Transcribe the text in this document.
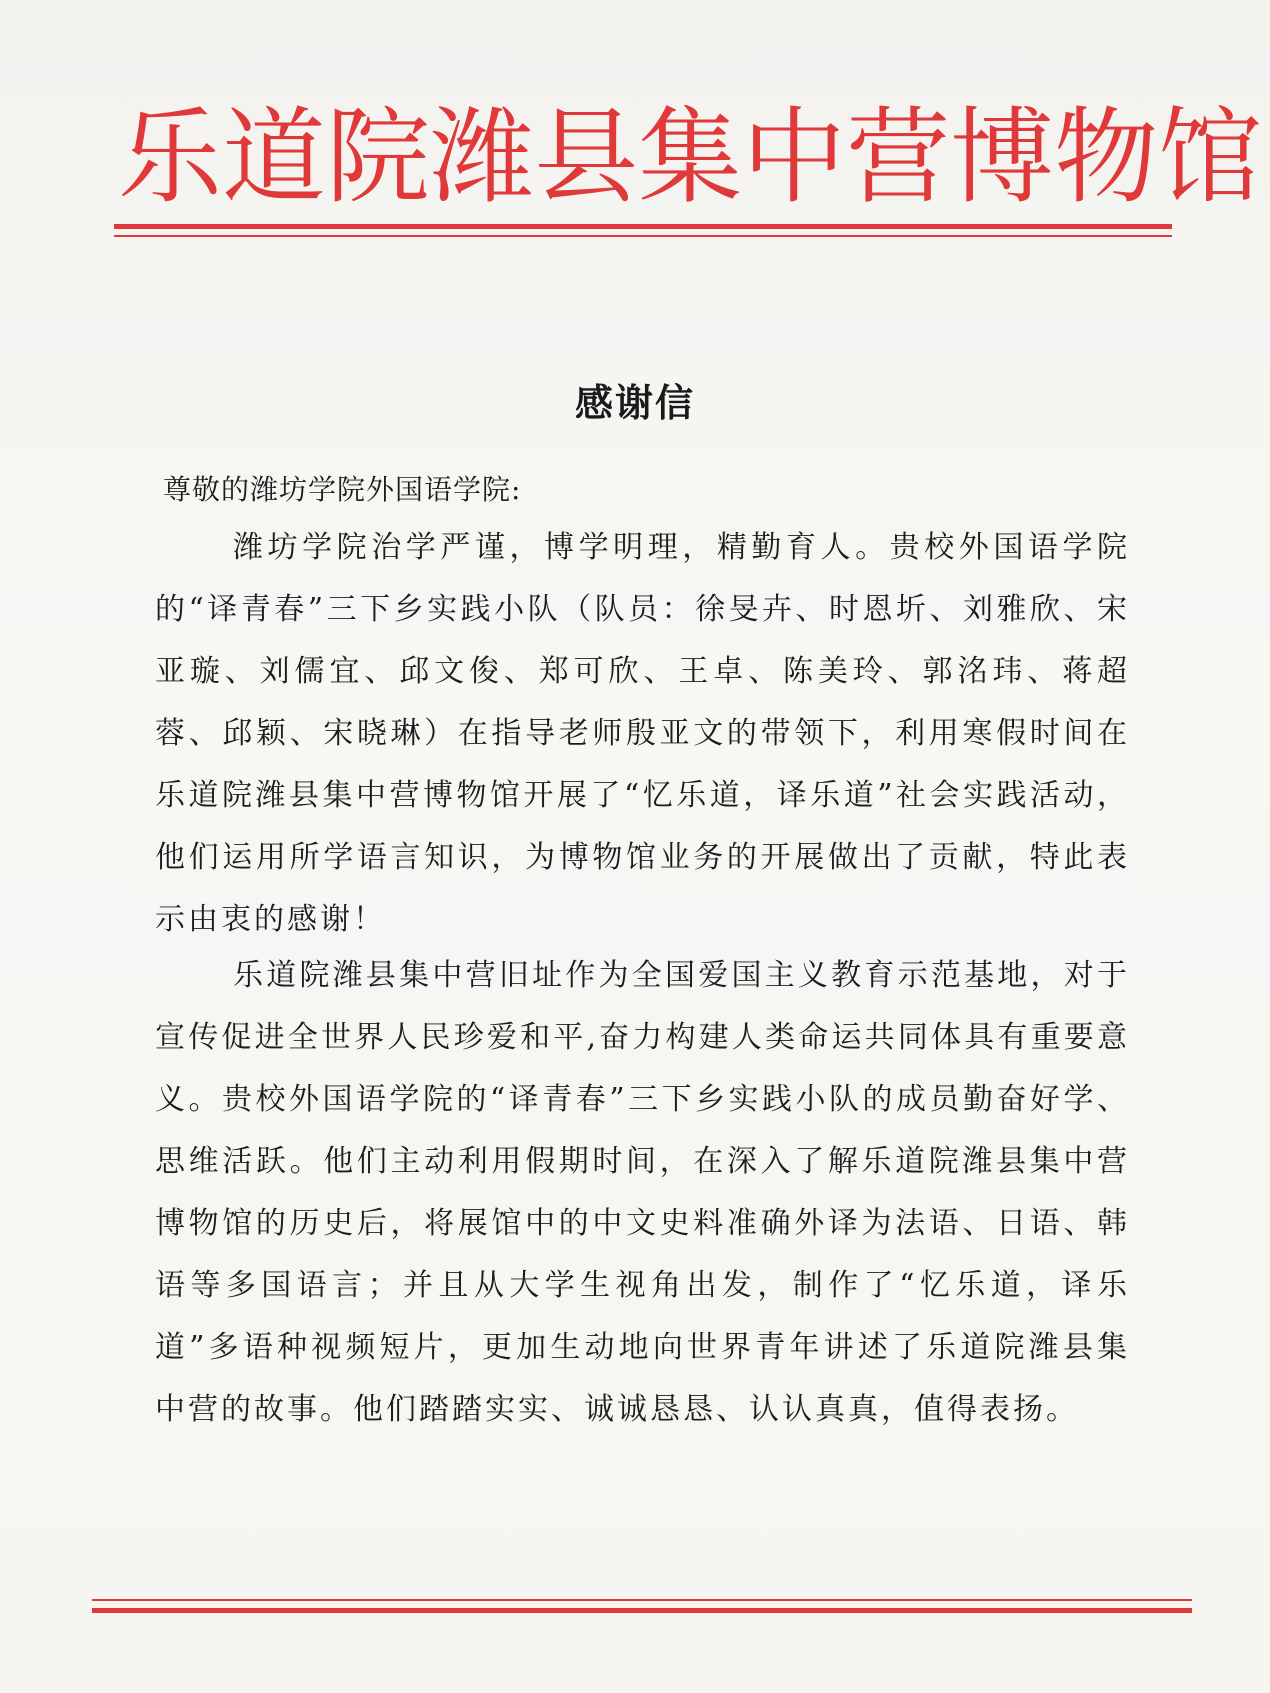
乐 道 院 潍 县 集 中 营 博 物 馆
感谢信
尊敬的潍坊学院外国语学院:

潍坊学院治学严谨，博学明理，精勤育人。贵校外国语学院的“译青春”三下乡实践小队（队员：徐旻卉、时恩圻、刘雅欣、宋亚璇、刘儒宜、邱文俊、郑可欣、王卓、陈美玲、郭洺玮、蒋超蓉、邱颖、宋晓琳）在指导老师殷亚文的带领下，利用寒假时间在乐道院潍县集中营博物馆开展了“忆乐道，译乐道”社会实践活动，他们运用所学语言知识，为博物馆业务的开展做出了贡献，特此表示由衷的感谢！

乐道院潍县集中营旧址作为全国爱国主义教育示范基地，对于宣传促进全世界人民珍爱和平,奋力构建人类命运共同体具有重要意义。贵校外国语学院的“译青春”三下乡实践小队的成员勤奋好学、思维活跃。他们主动利用假期时间，在深入了解乐道院潍县集中营博物馆的历史后，将展馆中的中文史料准确外译为法语、日语、韩语等多国语言；并且从大学生视角出发，制作了“忆乐道，译乐道”多语种视频短片，更加生动地向世界青年讲述了乐道院潍县集中营的故事。他们踏踏实实、诚诚恳恳、认认真真，值得表扬。
